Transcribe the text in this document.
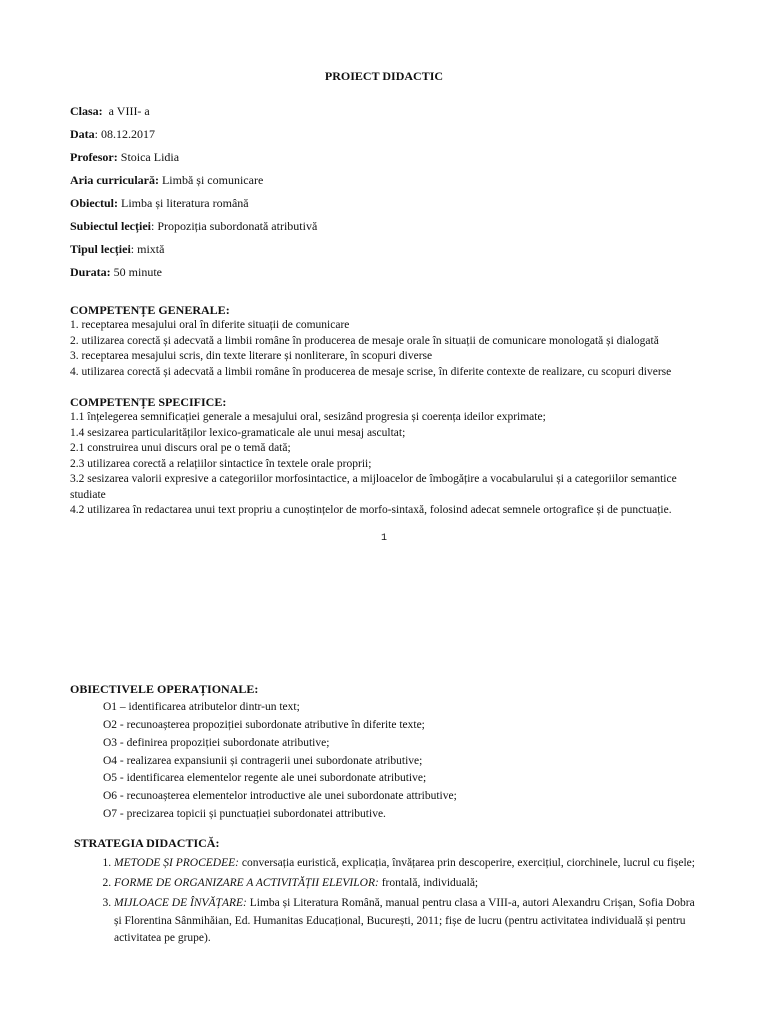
PROIECT DIDACTIC
Clasa: a VIII- a
Data: 08.12.2017
Profesor: Stoica Lidia
Aria curriculară: Limbă și comunicare
Obiectul: Limba și literatura română
Subiectul lecției: Propoziția subordonată atributivă
Tipul lecției: mixtă
Durata: 50 minute
COMPETENȚE GENERALE:
1. receptarea mesajului oral în diferite situații de comunicare
2. utilizarea corectă și adecvată a limbii române în producerea de mesaje orale în situații de comunicare monologată și dialogată
3. receptarea mesajului scris, din texte literare și nonliterare, în scopuri diverse
4. utilizarea corectă și adecvată a limbii române în producerea de mesaje scrise, în diferite contexte de realizare, cu scopuri diverse
COMPETENȚE SPECIFICE:
1.1 înțelegerea semnificației generale a mesajului oral, sesizând progresia și coerența ideilor exprimate;
1.4 sesizarea particularităților lexico-gramaticale ale unui mesaj ascultat;
2.1 construirea unui discurs oral pe o temă dată;
2.3 utilizarea corectă a relațiilor sintactice în textele orale proprii;
3.2 sesizarea valorii expresive a categoriilor morfosintactice, a mijloacelor de îmbogățire a vocabularului și a categoriilor semantice studiate
4.2 utilizarea în redactarea unui text propriu a cunoștințelor de morfo-sintaxă, folosind adecat semnele ortografice și de punctuație.
1
OBIECTIVELE OPERAȚIONALE:
O1 – identificarea atributelor dintr-un text;
O2 - recunoașterea propoziției subordonate atributive în diferite texte;
O3 - definirea propoziției subordonate atributive;
O4 - realizarea expansiunii și contragerii unei subordonate atributive;
O5 - identificarea elementelor regente ale unei subordonate atributive;
O6 - recunoașterea elementelor introductive ale unei subordonate attributive;
O7 - precizarea topicii și punctuației subordonatei attributive.
STRATEGIA DIDACTICĂ:
1. METODE ȘI PROCEDEE: conversația euristică, explicația, învățarea prin descoperire, exercițiul, ciorchinele, lucrul cu fișele;
2. FORME DE ORGANIZARE A ACTIVITĂȚII ELEVILOR: frontală, individuală;
3. MIJLOACE DE ÎNVĂȚARE: Limba și Literatura Română, manual pentru clasa a VIII-a, autori Alexandru Crișan, Sofia Dobra și Florentina Sânmihăian, Ed. Humanitas Educațional, București, 2011; fișe de lucru (pentru activitatea individuală și pentru activitatea pe grupe).
